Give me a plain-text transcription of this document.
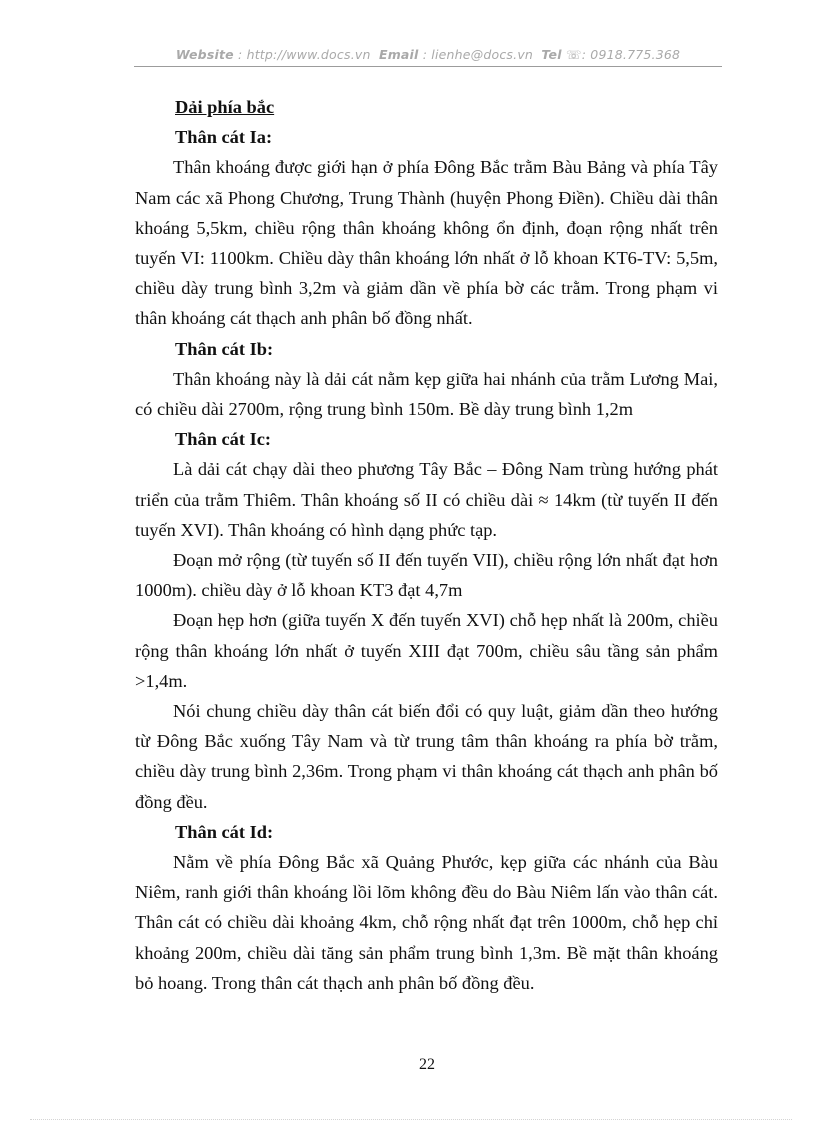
Website : http://www.docs.vn Email : lienhe@docs.vn Tel ☏: 0918.775.368

Dải phía bắc

Thân cát Ia:

Thân khoáng được giới hạn ở phía Đông Bắc trằm Bàu Bảng và phía Tây Nam các xã Phong Chương, Trung Thành (huyện Phong Điền). Chiều dài thân khoáng 5,5km, chiều rộng thân khoáng không ổn định, đoạn rộng nhất trên tuyến VI: 1100km. Chiều dày thân khoáng lớn nhất ở lỗ khoan KT6-TV: 5,5m, chiều dày trung bình 3,2m và giảm dần về phía bờ các trằm. Trong phạm vi thân khoáng cát thạch anh phân bố đồng nhất.

Thân cát Ib:

Thân khoáng này là dải cát nằm kẹp giữa hai nhánh của trằm Lương Mai, có chiều dài 2700m, rộng trung bình 150m. Bề dày trung bình 1,2m

Thân cát Ic:

Là dải cát chạy dài theo phương Tây Bắc – Đông Nam trùng hướng phát triển của trằm Thiêm. Thân khoáng số II có chiều dài ≈ 14km (từ tuyến II đến tuyến XVI). Thân khoáng có hình dạng phức tạp.

Đoạn mở rộng (từ tuyến số II đến tuyến VII), chiều rộng lớn nhất đạt hơn 1000m). chiều dày ở lỗ khoan KT3 đạt 4,7m

Đoạn hẹp hơn (giữa tuyến X đến tuyến XVI) chỗ hẹp nhất là 200m, chiều rộng thân khoáng lớn nhất ở tuyến XIII đạt 700m, chiều sâu tầng sản phẩm >1,4m.

Nói chung chiều dày thân cát biến đổi có quy luật, giảm dần theo hướng từ Đông Bắc xuống Tây Nam và từ trung tâm thân khoáng ra phía bờ trằm, chiều dày trung bình 2,36m. Trong phạm vi thân khoáng cát thạch anh phân bố đồng đều.

Thân cát Id:

Nằm về phía Đông Bắc xã Quảng Phước, kẹp giữa các nhánh của Bàu Niêm, ranh giới thân khoáng lồi lõm không đều do Bàu Niêm lấn vào thân cát. Thân cát có chiều dài khoảng 4km, chỗ rộng nhất đạt trên 1000m, chỗ hẹp chỉ khoảng 200m, chiều dài tăng sản phẩm trung bình 1,3m. Bề mặt thân khoáng bỏ hoang. Trong thân cát thạch anh phân bố đồng đều.

22
